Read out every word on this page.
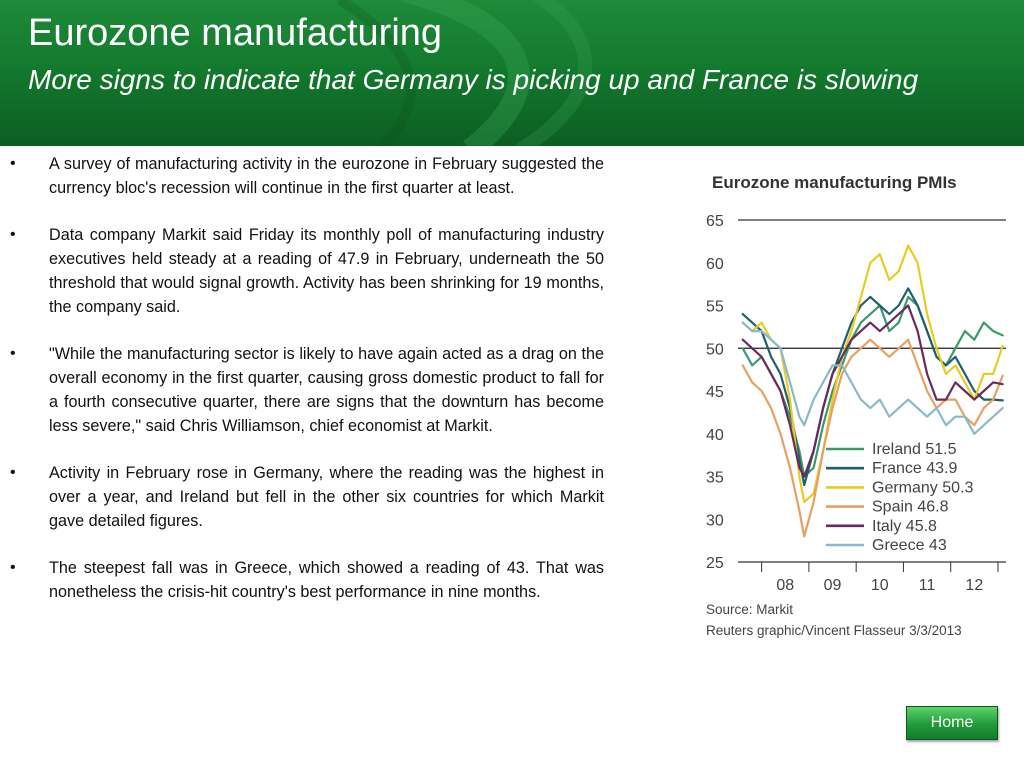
Eurozone manufacturing

More signs to indicate that Germany is picking up and France is slowing

• A survey of manufacturing activity in the eurozone in February suggested the currency bloc's recession will continue in the first quarter at least.
• Data company Markit said Friday its monthly poll of manufacturing industry executives held steady at a reading of 47.9 in February, underneath the 50 threshold that would signal growth. Activity has been shrinking for 19 months, the company said.
• "While the manufacturing sector is likely to have again acted as a drag on the overall economy in the first quarter, causing gross domestic product to fall for a fourth consecutive quarter, there are signs that the downturn has become less severe," said Chris Williamson, chief economist at Markit.
• Activity in February rose in Germany, where the reading was the highest in over a year, and Ireland but fell in the other six countries for which Markit gave detailed figures.
• The steepest fall was in Greece, which showed a reading of 43. That was nonetheless the crisis-hit country's best performance in nine months.
Eurozone manufacturing PMIs
65
60
55
50
45
40
35
30
25
08 09 10 11 12
Ireland 51.5
France 43.9
Germany 50.3
Spain 46.8
Italy 45.8
Greece 43
Source: Markit
Reuters graphic/Vincent Flasseur 3/3/2013
Home
